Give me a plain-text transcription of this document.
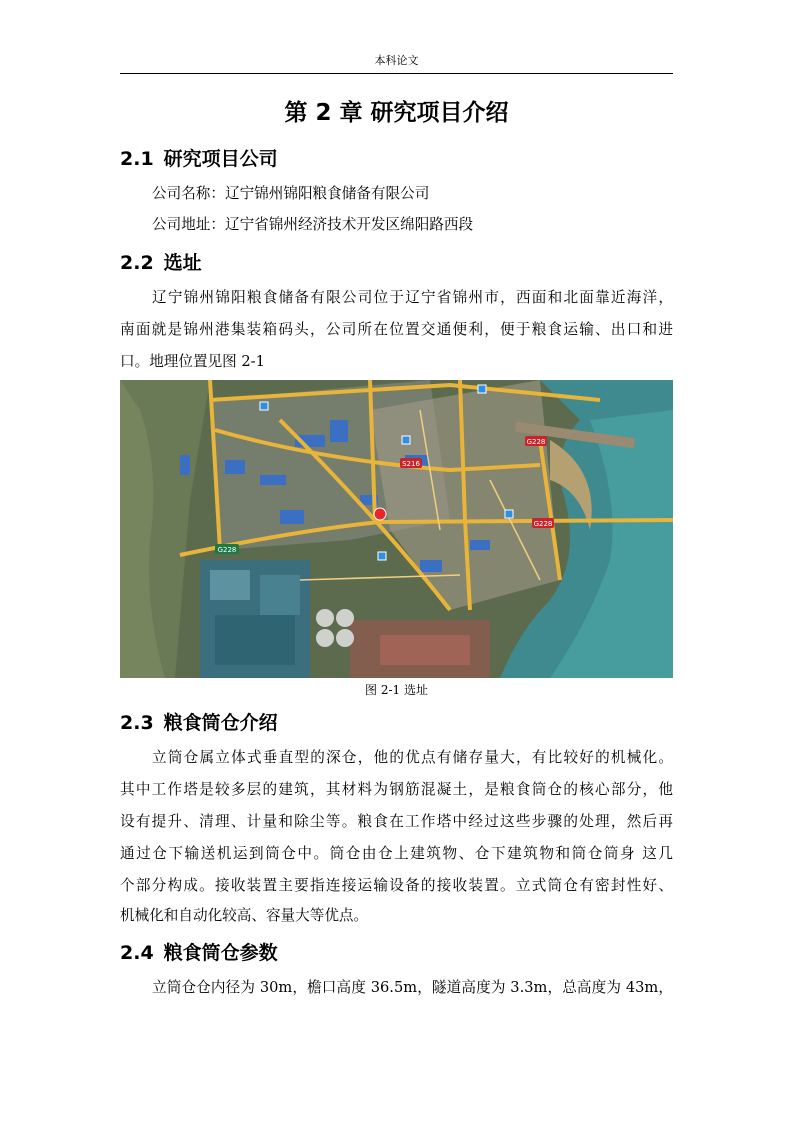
本科论文
第 2 章 研究项目介绍
2.1 研究项目公司
公司名称：辽宁锦州锦阳粮食储备有限公司
公司地址：辽宁省锦州经济技术开发区绵阳路西段
2.2 选址
辽宁锦州锦阳粮食储备有限公司位于辽宁省锦州市，西面和北面靠近海洋，
南面就是锦州港集装箱码头，公司所在位置交通便利，便于粮食运输、出口和进
口。地理位置见图 2-1
G228
S216
G228
G228
图 2-1 选址
2.3 粮食筒仓介绍
立筒仓属立体式垂直型的深仓，他的优点有储存量大，有比较好的机械化。
其中工作塔是较多层的建筑，其材料为钢筋混凝土，是粮食筒仓的核心部分，他
设有提升、清理、计量和除尘等。粮食在工作塔中经过这些步骤的处理，然后再
通过仓下输送机运到筒仓中。筒仓由仓上建筑物、仓下建筑物和筒仓筒身 这几
个部分构成。接收装置主要指连接运输设备的接收装置。立式筒仓有密封性好、
机械化和自动化较高、容量大等优点。
2.4 粮食筒仓参数
立筒仓仓内径为 30m，檐口高度 36.5m，隧道高度为 3.3m，总高度为 43m，
